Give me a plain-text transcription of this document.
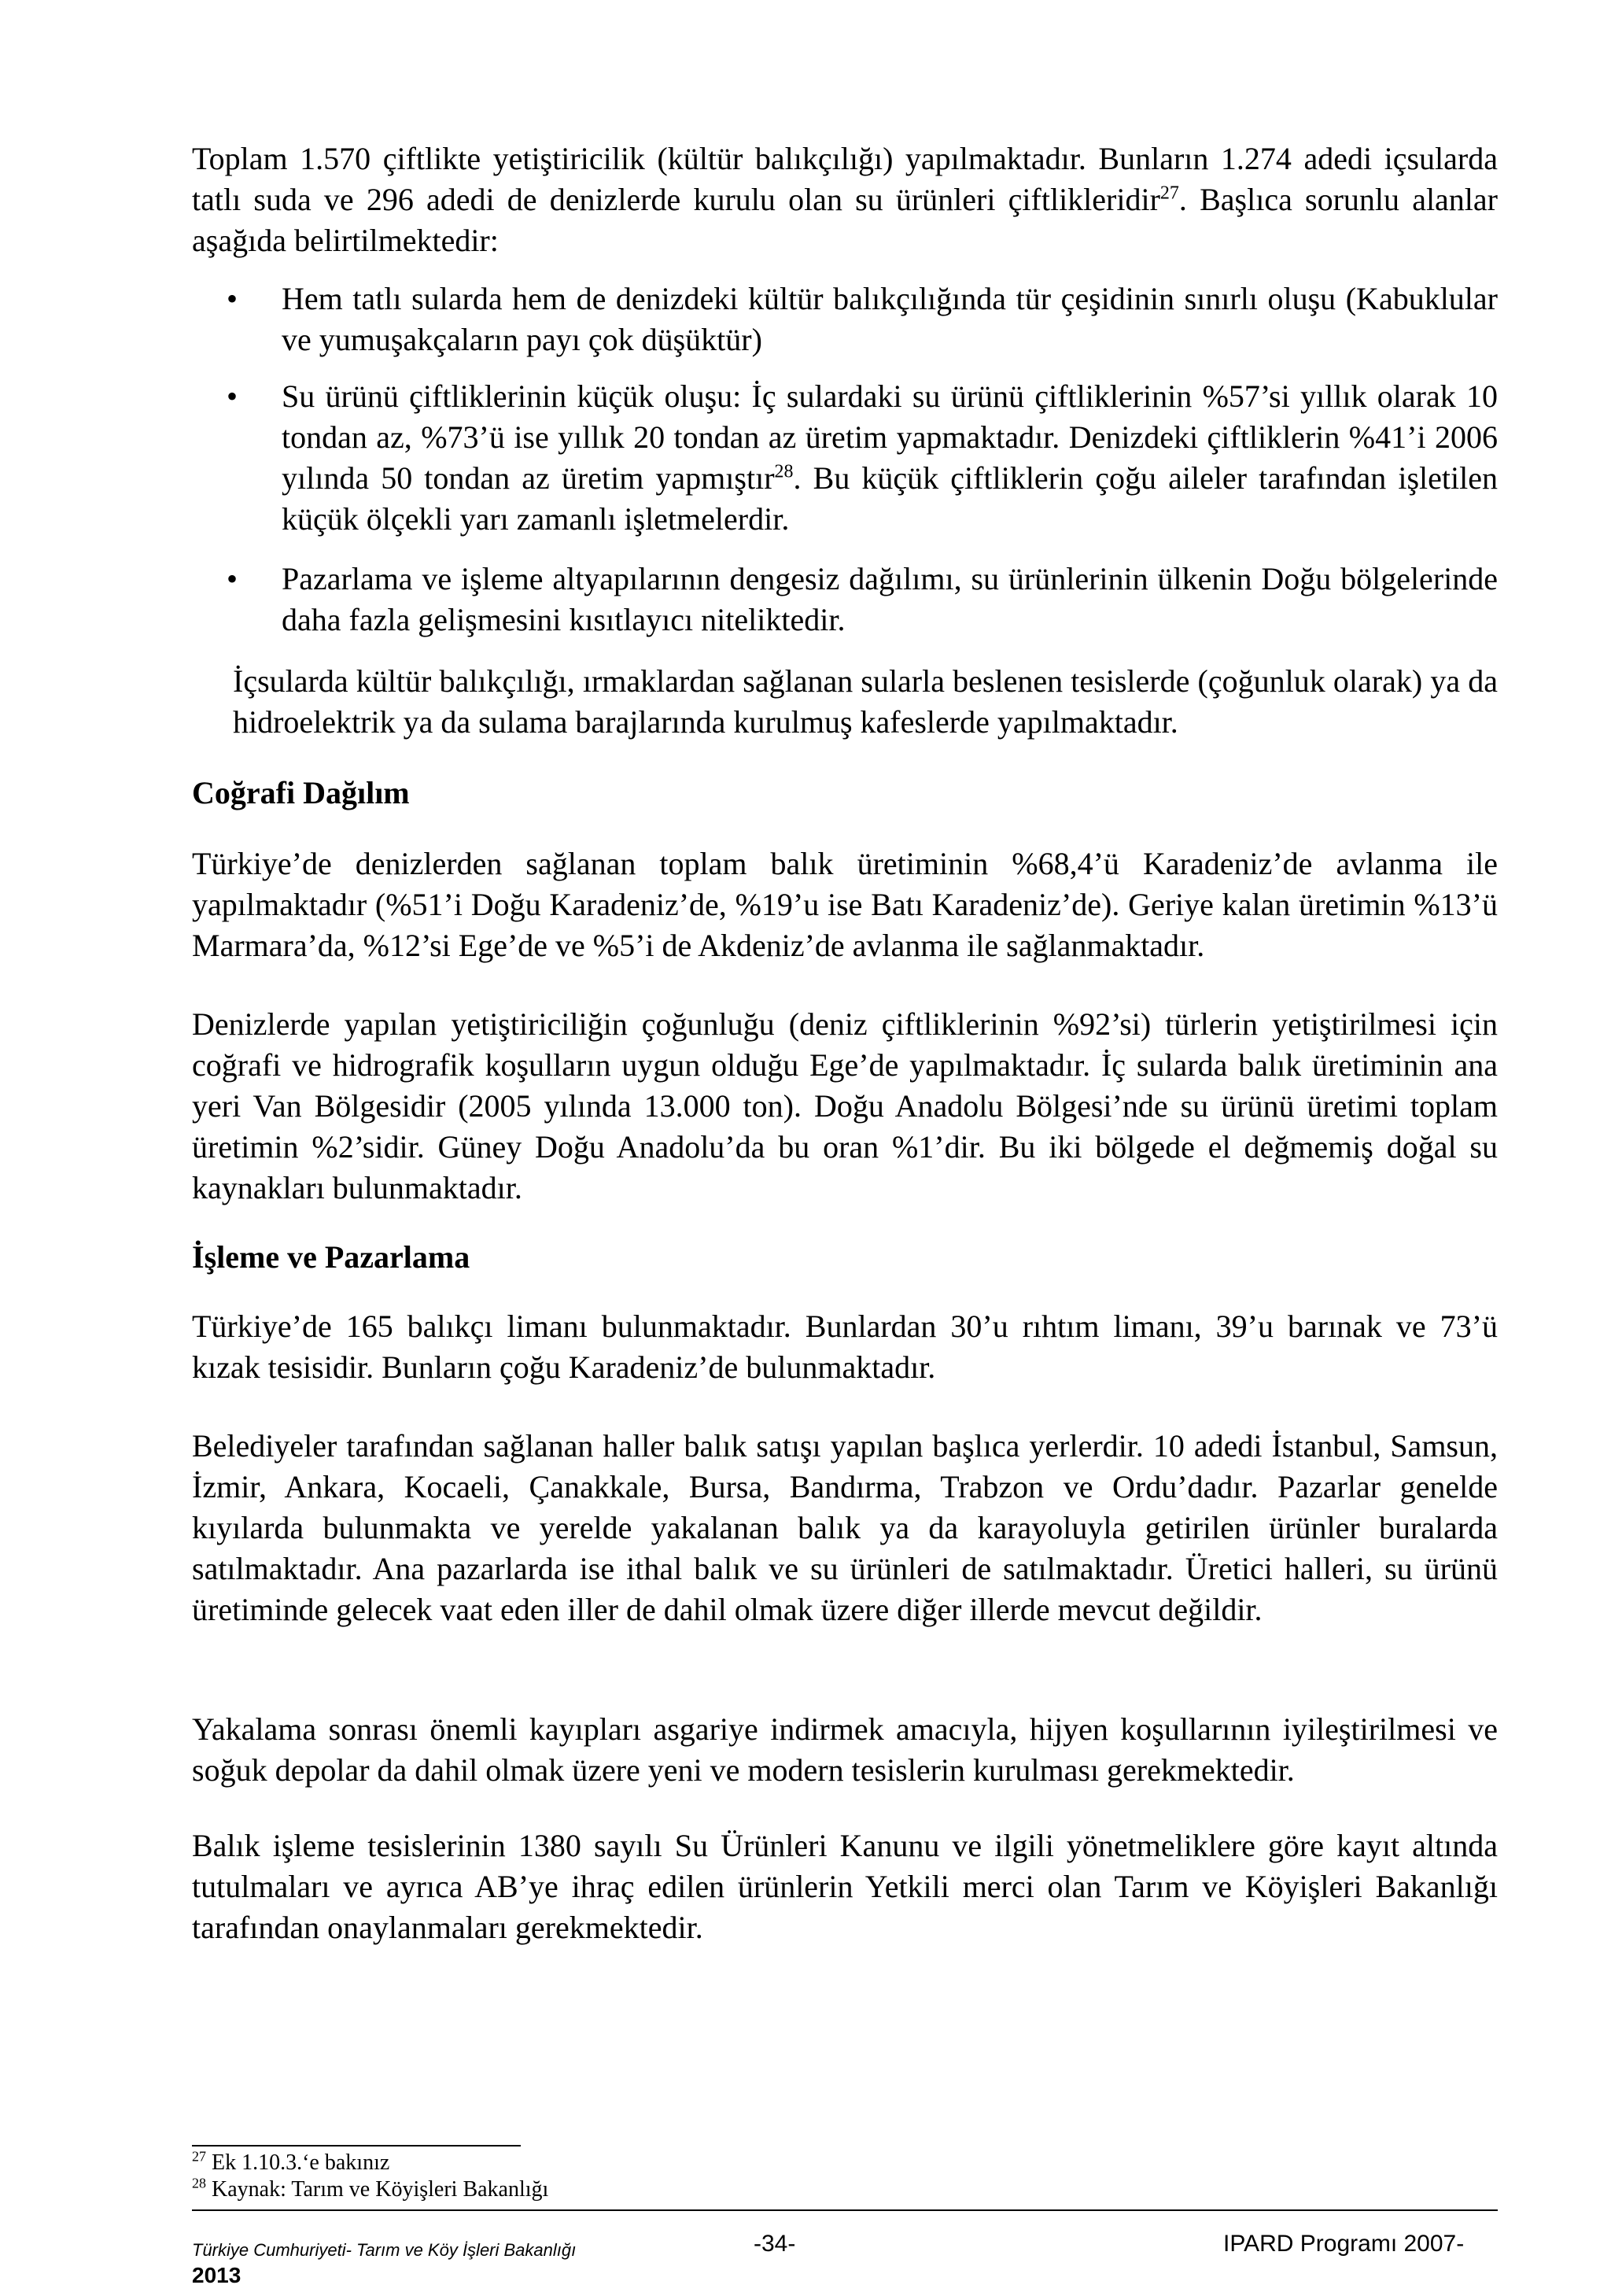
Toplam 1.570 çiftlikte yetiştiricilik (kültür balıkçılığı) yapılmaktadır. Bunların 1.274 adedi içsularda tatlı suda ve 296 adedi de denizlerde kurulu olan su ürünleri çiftlikleridir$^{27}$. Başlıca sorunlu alanlar aşağıda belirtilmektedir:

•	Hem tatlı sularda hem de denizdeki kültür balıkçılığında tür çeşidinin sınırlı oluşu (Kabuklular ve yumuşakçaların payı çok düşüktür)

•	Su ürünü çiftliklerinin küçük oluşu: İç sulardaki su ürünü çiftliklerinin %57’si yıllık olarak 10 tondan az, %73’ü ise yıllık 20 tondan az üretim yapmaktadır. Denizdeki çiftliklerin %41’i 2006 yılında 50 tondan az üretim yapmıştır$^{28}$. Bu küçük çiftliklerin çoğu aileler tarafından işletilen küçük ölçekli yarı zamanlı işletmelerdir.

•	Pazarlama ve işleme altyapılarının dengesiz dağılımı, su ürünlerinin ülkenin Doğu bölgelerinde daha fazla gelişmesini kısıtlayıcı niteliktedir.

İçsularda kültür balıkçılığı, ırmaklardan sağlanan sularla beslenen tesislerde (çoğunluk olarak) ya da hidroelektrik ya da sulama barajlarında kurulmuş kafeslerde yapılmaktadır.

Coğrafi Dağılım

Türkiye’de denizlerden sağlanan toplam balık üretiminin %68,4’ü Karadeniz’de avlanma ile yapılmaktadır (%51’i Doğu Karadeniz’de, %19’u ise Batı Karadeniz’de). Geriye kalan üretimin %13’ü Marmara’da, %12’si Ege’de ve %5’i de Akdeniz’de avlanma ile sağlanmaktadır.

Denizlerde yapılan yetiştiriciliğin çoğunluğu (deniz çiftliklerinin %92’si) türlerin yetiştirilmesi için coğrafi ve hidrografik koşulların uygun olduğu Ege’de yapılmaktadır. İç sularda balık üretiminin ana yeri Van Bölgesidir (2005 yılında 13.000 ton). Doğu Anadolu Bölgesi’nde su ürünü üretimi toplam üretimin %2’sidir. Güney Doğu Anadolu’da bu oran %1’dir. Bu iki bölgede el değmemiş doğal su kaynakları bulunmaktadır.

İşleme ve Pazarlama

Türkiye’de 165 balıkçı limanı bulunmaktadır. Bunlardan 30’u rıhtım limanı, 39’u barınak ve 73’ü kızak tesisidir. Bunların çoğu Karadeniz’de bulunmaktadır.

Belediyeler tarafından sağlanan haller balık satışı yapılan başlıca yerlerdir. 10 adedi İstanbul, Samsun, İzmir, Ankara, Kocaeli, Çanakkale, Bursa, Bandırma, Trabzon ve Ordu’dadır. Pazarlar genelde kıyılarda bulunmakta ve yerelde yakalanan balık ya da karayoluyla getirilen ürünler buralarda satılmaktadır. Ana pazarlarda ise ithal balık ve su ürünleri de satılmaktadır. Üretici halleri, su ürünü üretiminde gelecek vaat eden iller de dahil olmak üzere diğer illerde mevcut değildir.

Yakalama sonrası önemli kayıpları asgariye indirmek amacıyla, hijyen koşullarının iyileştirilmesi ve soğuk depolar da dahil olmak üzere yeni ve modern tesislerin kurulması gerekmektedir.

Balık işleme tesislerinin 1380 sayılı Su Ürünleri Kanunu ve ilgili yönetmeliklere göre kayıt altında tutulmaları ve ayrıca AB’ye ihraç edilen ürünlerin Yetkili merci olan Tarım ve Köyişleri Bakanlığı tarafından onaylanmaları gerekmektedir.

$^{27}$ Ek 1.10.3.‘e bakınız
$^{28}$ Kaynak: Tarım ve Köyişleri Bakanlığı
Türkiye Cumhuriyeti- Tarım ve Köy İşleri Bakanlığı	-34-	IPARD Programı 2007-
2013
